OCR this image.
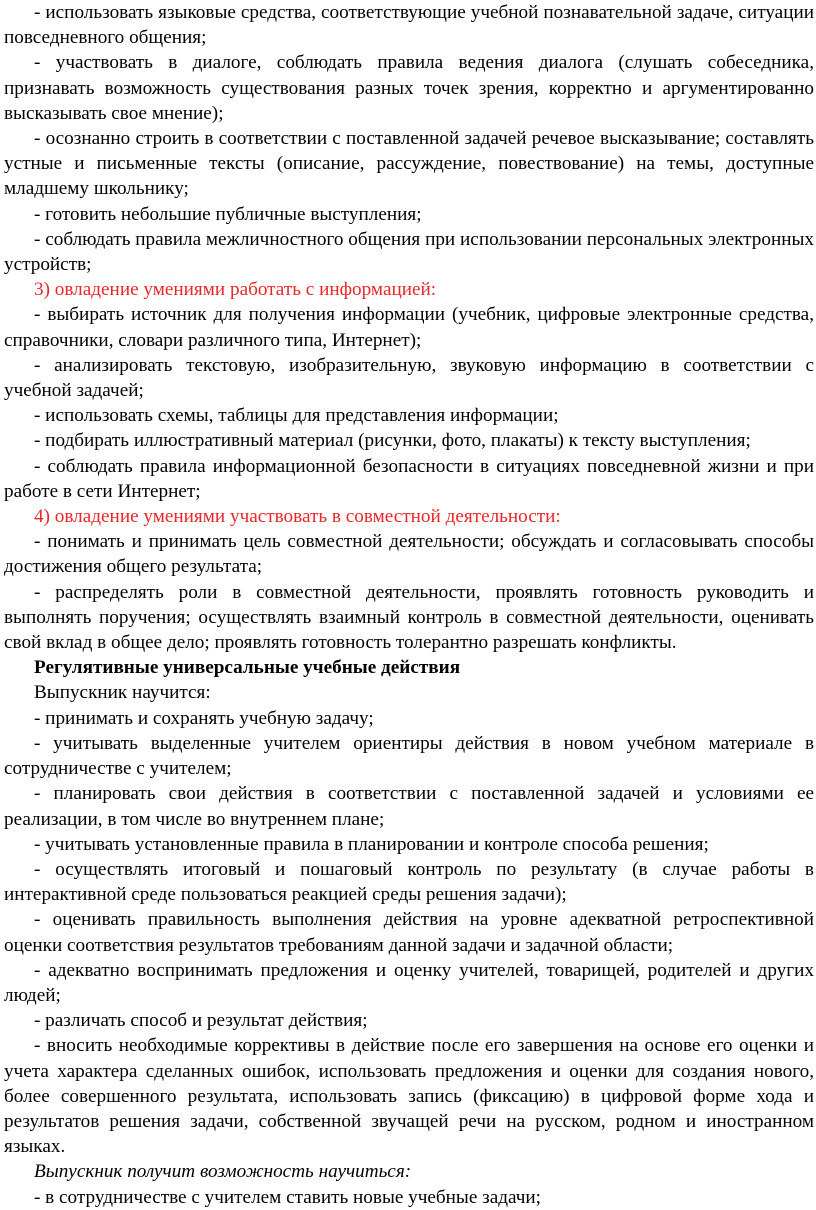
- использовать языковые средства, соответствующие учебной познавательной задаче, ситуации повседневного общения;

- участвовать в диалоге, соблюдать правила ведения диалога (слушать собеседника, признавать возможность существования разных точек зрения, корректно и аргументированно высказывать свое мнение);

- осознанно строить в соответствии с поставленной задачей речевое высказывание; составлять устные и письменные тексты (описание, рассуждение, повествование) на темы, доступные младшему школьнику;

- готовить небольшие публичные выступления;

- соблюдать правила межличностного общения при использовании персональных электронных устройств;

3) овладение умениями работать с информацией:

- выбирать источник для получения информации (учебник, цифровые электронные средства, справочники, словари различного типа, Интернет);

- анализировать текстовую, изобразительную, звуковую информацию в соответствии с учебной задачей;

- использовать схемы, таблицы для представления информации;

- подбирать иллюстративный материал (рисунки, фото, плакаты) к тексту выступления;

- соблюдать правила информационной безопасности в ситуациях повседневной жизни и при работе в сети Интернет;

4) овладение умениями участвовать в совместной деятельности:

- понимать и принимать цель совместной деятельности; обсуждать и согласовывать способы достижения общего результата;

- распределять роли в совместной деятельности, проявлять готовность руководить и выполнять поручения; осуществлять взаимный контроль в совместной деятельности, оценивать свой вклад в общее дело; проявлять готовность толерантно разрешать конфликты.

Регулятивные универсальные учебные действия

Выпускник научится:

- принимать и сохранять учебную задачу;

- учитывать выделенные учителем ориентиры действия в новом учебном материале в сотрудничестве с учителем;

- планировать свои действия в соответствии с поставленной задачей и условиями ее реализации, в том числе во внутреннем плане;

- учитывать установленные правила в планировании и контроле способа решения;

- осуществлять итоговый и пошаговый контроль по результату (в случае работы в интерактивной среде пользоваться реакцией среды решения задачи);

- оценивать правильность выполнения действия на уровне адекватной ретроспективной оценки соответствия результатов требованиям данной задачи и задачной области;

- адекватно воспринимать предложения и оценку учителей, товарищей, родителей и других людей;

- различать способ и результат действия;

- вносить необходимые коррективы в действие после его завершения на основе его оценки и учета характера сделанных ошибок, использовать предложения и оценки для создания нового, более совершенного результата, использовать запись (фиксацию) в цифровой форме хода и результатов решения задачи, собственной звучащей речи на русском, родном и иностранном языках.

Выпускник получит возможность научиться:

- в сотрудничестве с учителем ставить новые учебные задачи;
